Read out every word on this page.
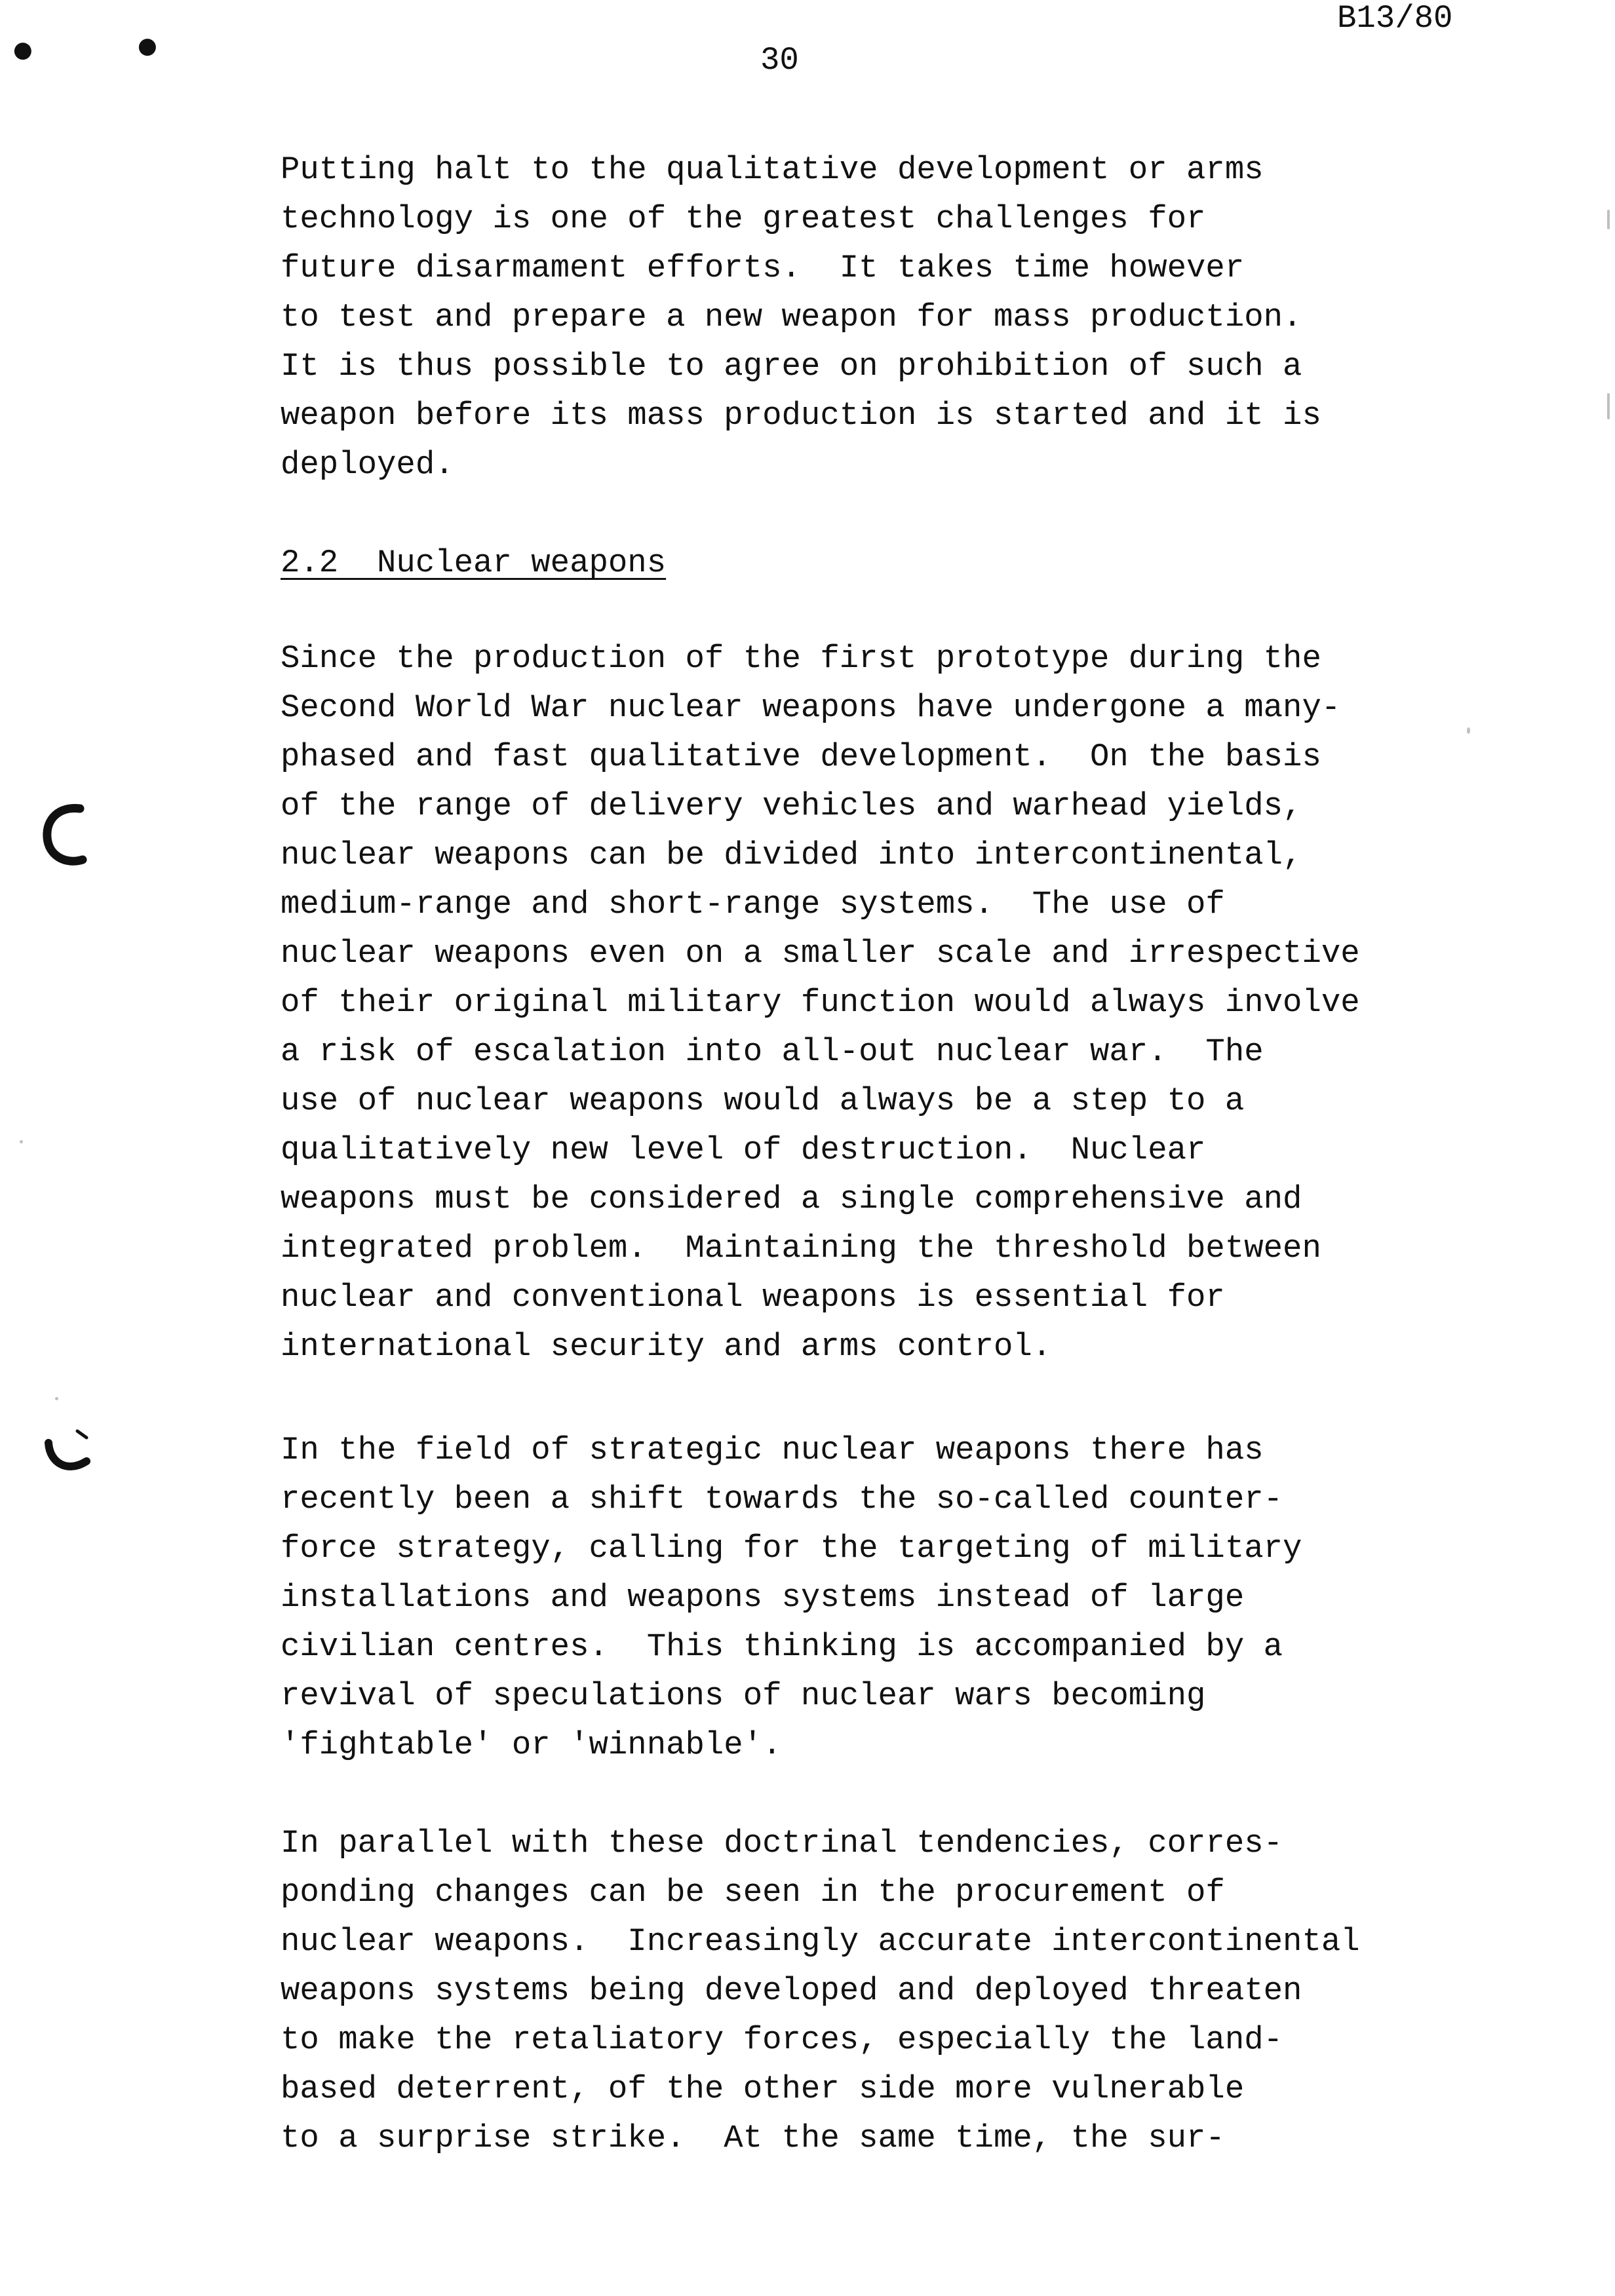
●	●
B13/80
30
Putting halt to the qualitative development or arms
technology is one of the greatest challenges for
future disarmament efforts.  It takes time however
to test and prepare a new weapon for mass production.
It is thus possible to agree on prohibition of such a
weapon before its mass production is started and it is
deployed.
2.2  Nuclear weapons
Since the production of the first prototype during the
Second World War nuclear weapons have undergone a many-
phased and fast qualitative development.  On the basis
of the range of delivery vehicles and warhead yields,
nuclear weapons can be divided into intercontinental,
medium-range and short-range systems.  The use of
nuclear weapons even on a smaller scale and irrespective
of their original military function would always involve
a risk of escalation into all-out nuclear war.  The
use of nuclear weapons would always be a step to a
qualitatively new level of destruction.  Nuclear
weapons must be considered a single comprehensive and
integrated problem.  Maintaining the threshold between
nuclear and conventional weapons is essential for
international security and arms control.
In the field of strategic nuclear weapons there has
recently been a shift towards the so-called counter-
force strategy, calling for the targeting of military
installations and weapons systems instead of large
civilian centres.  This thinking is accompanied by a
revival of speculations of nuclear wars becoming
'fightable' or 'winnable'.
In parallel with these doctrinal tendencies, corres-
ponding changes can be seen in the procurement of
nuclear weapons.  Increasingly accurate intercontinental
weapons systems being developed and deployed threaten
to make the retaliatory forces, especially the land-
based deterrent, of the other side more vulnerable
to a surprise strike.  At the same time, the sur-
